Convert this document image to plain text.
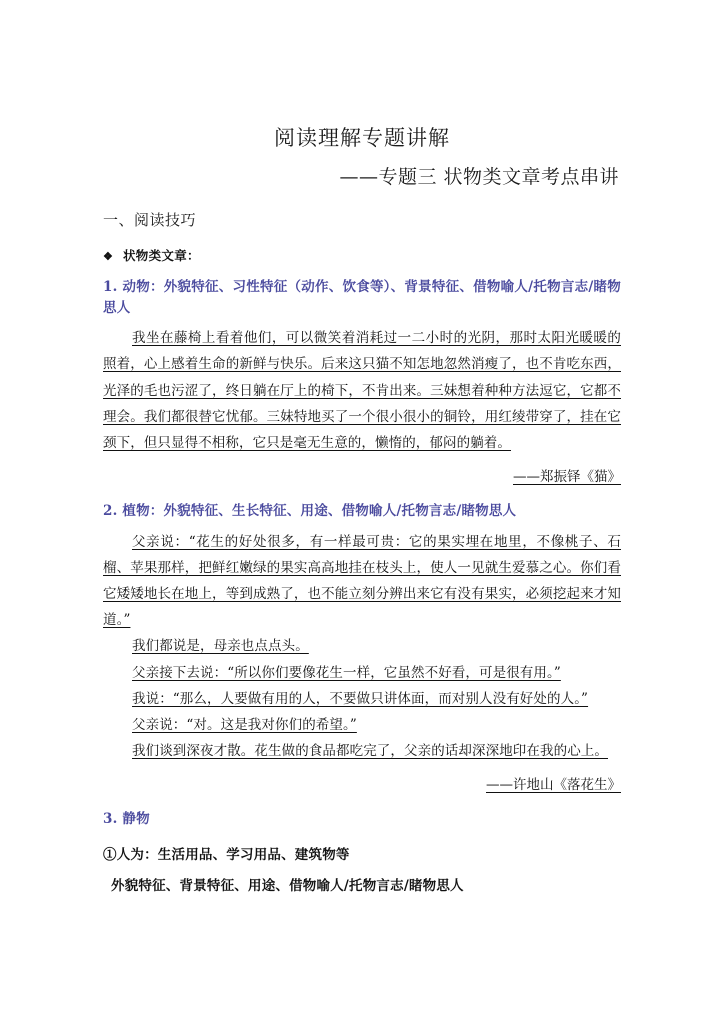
阅读理解专题讲解
——专题三 状物类文章考点串讲
一、阅读技巧
❖ 状物类文章：
1. 动物：外貌特征、习性特征（动作、饮食等）、背景特征、借物喻人/托物言志/睹物思人
我坐在藤椅上看着他们，可以微笑着消耗过一二小时的光阴，那时太阳光暖暖的照着，心上感着生命的新鲜与快乐。后来这只猫不知怎地忽然消瘦了，也不肯吃东西，光泽的毛也污涩了，终日躺在厅上的椅下，不肯出来。三妹想着种种方法逗它，它都不理会。我们都很替它忧郁。三妹特地买了一个很小很小的铜铃，用红绫带穿了，挂在它颈下，但只显得不相称，它只是毫无生意的，懒惰的，郁闷的躺着。
——郑振铎《猫》
2. 植物：外貌特征、生长特征、用途、借物喻人/托物言志/睹物思人
父亲说：“花生的好处很多，有一样最可贵：它的果实埋在地里，不像桃子、石榴、苹果那样，把鲜红嫩绿的果实高高地挂在枝头上，使人一见就生爱慕之心。你们看它矮矮地长在地上，等到成熟了，也不能立刻分辨出来它有没有果实，必须挖起来才知道。”
我们都说是，母亲也点点头。
父亲接下去说：“所以你们要像花生一样，它虽然不好看，可是很有用。”
我说：“那么，人要做有用的人，不要做只讲体面，而对别人没有好处的人。”
父亲说：“对。这是我对你们的希望。”
我们谈到深夜才散。花生做的食品都吃完了，父亲的话却深深地印在我的心上。
——许地山《落花生》
3. 静物
①人为：生活用品、学习用品、建筑物等
外貌特征、背景特征、用途、借物喻人/托物言志/睹物思人
